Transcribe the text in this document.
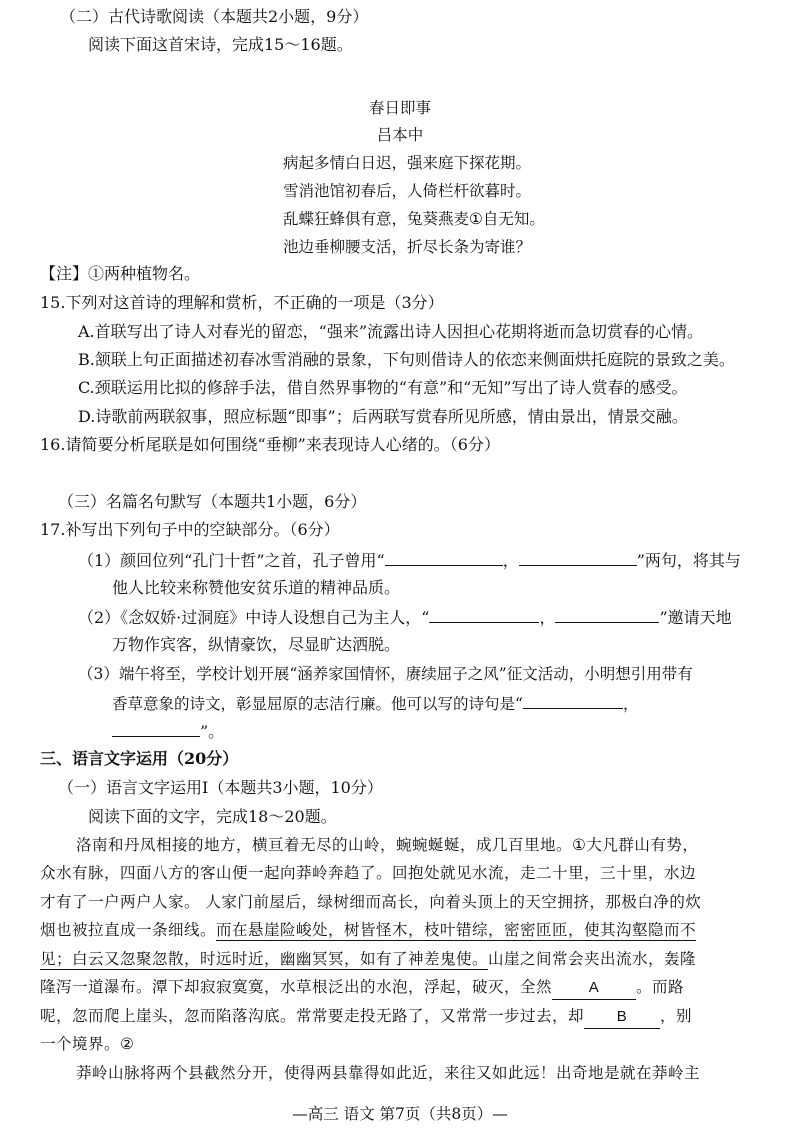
（二）古代诗歌阅读（本题共2小题，9分）
阅读下面这首宋诗，完成15～16题。
春日即事
吕本中
病起多情白日迟，强来庭下探花期。
雪消池馆初春后，人倚栏杆欲暮时。
乱蝶狂蜂俱有意，兔葵燕麦①自无知。
池边垂柳腰支活，折尽长条为寄谁？
【注】①两种植物名。
15.下列对这首诗的理解和赏析，不正确的一项是（3分）
A.首联写出了诗人对春光的留恋，“强来”流露出诗人因担心花期将逝而急切赏春的心情。
B.颔联上句正面描述初春冰雪消融的景象，下句则借诗人的依恋来侧面烘托庭院的景致之美。
C.颈联运用比拟的修辞手法，借自然界事物的“有意”和“无知”写出了诗人赏春的感受。
D.诗歌前两联叙事，照应标题“即事”；后两联写赏春所见所感，情由景出，情景交融。
16.请简要分析尾联是如何围绕“垂柳”来表现诗人心绪的。（6分）
（三）名篇名句默写（本题共1小题，6分）
17.补写出下列句子中的空缺部分。（6分）
（1）颜回位列“孔门十哲”之首，孔子曾用“	，	”两句，将其与
他人比较来称赞他安贫乐道的精神品质。
（2）《念奴娇·过洞庭》中诗人设想自己为主人，“	，	”邀请天地
万物作宾客，纵情豪饮，尽显旷达洒脱。
（3）端午将至，学校计划开展“涵养家国情怀，赓续屈子之风”征文活动，小明想引用带有
香草意象的诗文，彰显屈原的志洁行廉。他可以写的诗句是“	，
”。
三、语言文字运用（20分）
（一）语言文字运用Ⅰ（本题共3小题，10分）
阅读下面的文字，完成18～20题。
洛南和丹凤相接的地方，横亘着无尽的山岭，蜿蜿蜒蜒，成几百里地。①大凡群山有势，
众水有脉，四面八方的客山便一起向莽岭奔趋了。回抱处就见水流，走二十里，三十里，水边
才有了一户两户人家。 人家门前屋后，绿树细而高长，向着头顶上的天空拥挤，那极白净的炊
烟也被拉直成一条细线。而在悬崖险峻处，树皆怪木，枝叶错综，密密匝匝，使其沟壑隐而不
见；白云又忽聚忽散，时远时近，幽幽冥冥，如有了神差鬼使。山崖之间常会夹出流水，轰隆
隆泻一道瀑布。潭下却寂寂寞寞，水草根泛出的水泡，浮起，破灭，全然 A 。而路
呢，忽而爬上崖头，忽而陷落沟底。常常要走投无路了，又常常一步过去，却 B ，别
一个境界。②
莽岭山脉将两个县截然分开，使得两县靠得如此近，来往又如此远！出奇地是就在莽岭主
—高三 语文 第7页（共8页）—
